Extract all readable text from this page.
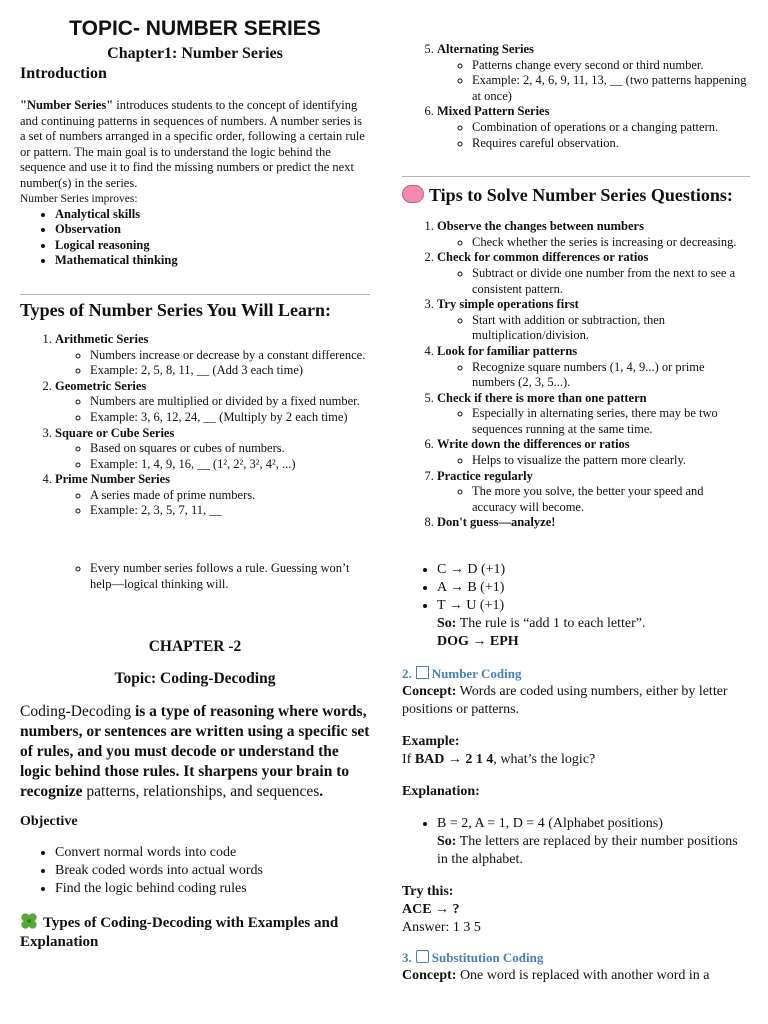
TOPIC- NUMBER SERIES
Chapter1: Number Series
Introduction

"Number Series" introduces students to the concept of identifying and continuing patterns in sequences of numbers. A number series is a set of numbers arranged in a specific order, following a certain rule or pattern. The main goal is to understand the logic behind the sequence and use it to find the missing numbers or predict the next number(s) in the series.

Number Series improves:

• Analytical skills
• Observation
• Logical reasoning
• Mathematical thinking
Types of Number Series You Will Learn:
1. Arithmetic Series
◦ Numbers increase or decrease by a constant difference.
◦ Example: 2, 5, 8, 11, __ (Add 3 each time)
2. Geometric Series
◦ Numbers are multiplied or divided by a fixed number.
◦ Example: 3, 6, 12, 24, __ (Multiply by 2 each time)
3. Square or Cube Series
◦ Based on squares or cubes of numbers.
◦ Example: 1, 4, 9, 16, __ (1², 2², 3², 4², ...)
4. Prime Number Series
◦ A series made of prime numbers.
◦ Example: 2, 3, 5, 7, 11, __
◦ Every number series follows a rule. Guessing won’t help—logical thinking will.
CHAPTER -2
Topic: Coding-Decoding

Coding-Decoding is a type of reasoning where words, numbers, or sentences are written using a specific set of rules, and you must decode or understand the logic behind those rules. It sharpens your brain to recognize patterns, relationships, and sequences.

Objective
• Convert normal words into code
• Break coded words into actual words
• Find the logic behind coding rules
Types of Coding-Decoding with Examples and Explanation
5. Alternating Series
◦ Patterns change every second or third number.
◦ Example: 2, 4, 6, 9, 11, 13, __ (two patterns happening at once)
6. Mixed Pattern Series
◦ Combination of operations or a changing pattern.
◦ Requires careful observation.
Tips to Solve Number Series Questions:
1. Observe the changes between numbers
◦ Check whether the series is increasing or decreasing.
2. Check for common differences or ratios
◦ Subtract or divide one number from the next to see a consistent pattern.
3. Try simple operations first
◦ Start with addition or subtraction, then multiplication/division.
4. Look for familiar patterns
◦ Recognize square numbers (1, 4, 9...) or prime numbers (2, 3, 5...).
5. Check if there is more than one pattern
◦ Especially in alternating series, there may be two sequences running at the same time.
6. Write down the differences or ratios
◦ Helps to visualize the pattern more clearly.
7. Practice regularly
◦ The more you solve, the better your speed and accuracy will become.
8. Don't guess—analyze!
• C → D (+1)
• A → B (+1)
• T → U (+1)
So: The rule is “add 1 to each letter”.
DOG → EPH
2. Number Coding

Concept: Words are coded using numbers, either by letter positions or patterns.

Example:
If BAD → 2 1 4, what’s the logic?

Explanation:

• B = 2, A = 1, D = 4 (Alphabet positions)
So: The letters are replaced by their number positions in the alphabet.

Try this:
ACE → ?
Answer: 1 3 5

3. Substitution Coding

Concept: One word is replaced with another word in a
